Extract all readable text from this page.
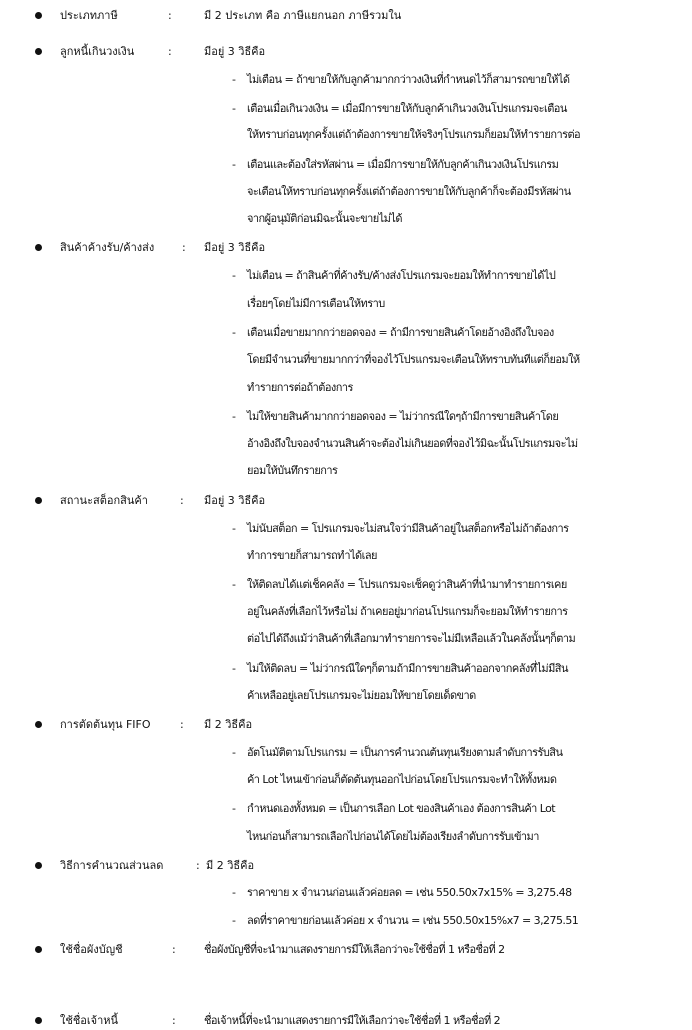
ประเภทภาษี	:	มี 2 ประเภท คือ ภาษีแยกนอก ภาษีรวมใน
ลูกหนี้เกินวงเงิน	:	มีอยู่ 3 วิธีคือ
- ไม่เตือน = ถ้าขายให้กับลูกค้ามากกว่าวงเงินที่กำหนดไว้ก็สามารถขายให้ได้
- เตือนเมื่อเกินวงเงิน = เมื่อมีการขายให้กับลูกค้าเกินวงเงินโปรแกรมจะเตือน
ให้ทราบก่อนทุกครั้งแต่ถ้าต้องการขายให้จริงๆโปรแกรมก็ยอมให้ทำรายการต่อ
- เตือนและต้องใส่รหัสผ่าน = เมื่อมีการขายให้กับลูกค้าเกินวงเงินโปรแกรม
จะเตือนให้ทราบก่อนทุกครั้งแต่ถ้าต้องการขายให้กับลูกค้าก็จะต้องมีรหัสผ่าน
จากผู้อนุมัติก่อนมิฉะนั้นจะขายไม่ได้
สินค้าค้างรับ/ค้างส่ง	: มีอยู่ 3 วิธีคือ
- ไม่เตือน = ถ้าสินค้าที่ค้างรับ/ค้างส่งโปรแกรมจะยอมให้ทำการขายได้ไป
เรื่อยๆโดยไม่มีการเตือนให้ทราบ
- เตือนเมื่อขายมากกว่ายอดจอง = ถ้ามีการขายสินค้าโดยอ้างอิงถึงใบจอง
โดยมีจำนวนที่ขายมากกว่าที่จองไว้โปรแกรมจะเตือนให้ทราบทันทีแต่ก็ยอมให้
ทำรายการต่อถ้าต้องการ
- ไม่ให้ขายสินค้ามากกว่ายอดจอง = ไม่ว่ากรณีใดๆถ้ามีการขายสินค้าโดย
อ้างอิงถึงใบจองจำนวนสินค้าจะต้องไม่เกินยอดที่จองไว้มิฉะนั้นโปรแกรมจะไม่
ยอมให้บันทึกรายการ
สถานะสต็อกสินค้า	: มีอยู่ 3 วิธีคือ
- ไม่นับสต็อก = โปรแกรมจะไม่สนใจว่ามีสินค้าอยู่ในสต็อกหรือไม่ถ้าต้องการ
ทำการขายก็สามารถทำได้เลย
- ให้ติดลบได้แต่เช็คคลัง = โปรแกรมจะเช็คดูว่าสินค้าที่นำมาทำรายการเคย
อยู่ในคลังที่เลือกไว้หรือไม่ ถ้าเคยอยู่มาก่อนโปรแกรมก็จะยอมให้ทำรายการ
ต่อไปได้ถึงแม้ว่าสินค้าที่เลือกมาทำรายการจะไม่มีเหลือแล้วในคลังนั้นๆก็ตาม
- ไม่ให้ติดลบ = ไม่ว่ากรณีใดๆก็ตามถ้ามีการขายสินค้าออกจากคลังที่ไม่มีสิน
ค้าเหลืออยู่เลยโปรแกรมจะไม่ยอมให้ขายโดยเด็ดขาด
การตัดต้นทุน FIFO	: มี 2 วิธีคือ
- อัตโนมัติตามโปรแกรม = เป็นการคำนวณต้นทุนเรียงตามลำดับการรับสิน
ค้า Lot ไหนเข้าก่อนก็ตัดต้นทุนออกไปก่อนโดยโปรแกรมจะทำให้ทั้งหมด
- กำหนดเองทั้งหมด = เป็นการเลือก Lot ของสินค้าเอง ต้องการสินค้า Lot
ไหนก่อนก็สามารถเลือกไปก่อนได้โดยไม่ต้องเรียงลำดับการรับเข้ามา
วิธีการคำนวณส่วนลด	: มี 2 วิธีคือ
- ราคาขาย x จำนวนก่อนแล้วค่อยลด = เช่น 550.50x7x15% = 3,275.48
- ลดที่ราคาขายก่อนแล้วค่อย x จำนวน = เช่น 550.50x15%x7 = 3,275.51
ใช้ชื่อผังบัญชี	:	ชื่อผังบัญชีที่จะนำมาแสดงรายการมีให้เลือกว่าจะใช้ชื่อที่ 1 หรือชื่อที่ 2
ใช้ชื่อเจ้าหนี้	:	ชื่อเจ้าหนี้ที่จะนำมาแสดงรายการมีให้เลือกว่าจะใช้ชื่อที่ 1 หรือชื่อที่ 2
